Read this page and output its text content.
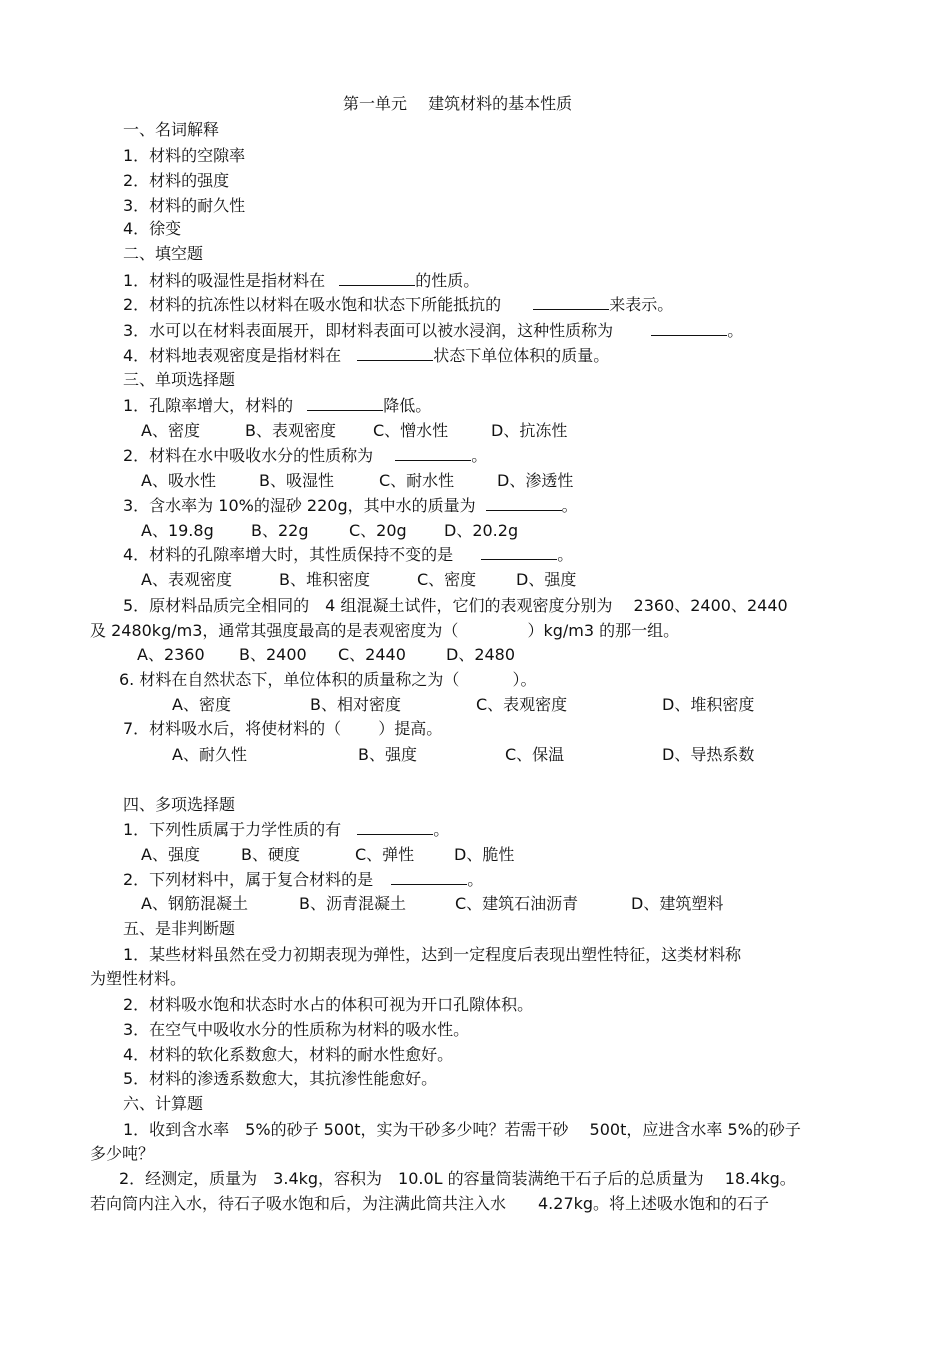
第一单元　 建筑材料的基本性质
一、名词解释
1．材料的空隙率
2．材料的强度
3．材料的耐久性
4．徐变
二、填空题
1．材料的吸湿性是指材料在	的性质。
2．材料的抗冻性以材料在吸水饱和状态下所能抵抗的	来表示。
3．水可以在材料表面展开，即材料表面可以被水浸润，这种性质称为	。
4．材料地表观密度是指材料在	状态下单位体积的质量。
三、单项选择题
1．孔隙率增大，材料的	降低。
A、密度	B、表观密度 C、憎水性	D、抗冻性
2．材料在水中吸收水分的性质称为	。
A、吸水性	B、吸湿性	C、耐水性	D、渗透性
3．含水率为 10%的湿砂 220g，其中水的质量为	。
A、19.8g B、22g	C、20g D、20.2g
4．材料的孔隙率增大时，其性质保持不变的是	。
A、表观密度	B、堆积密度	C、密度 D、强度
5．原材料品质完全相同的　4 组混凝土试件，它们的表观密度分别为　 2360、2400、2440
及 2480kg/m3，通常其强度最高的是表观密度为（　　　　 ）kg/m3 的那一组。
A、2360 B、2400 C、2440	D、2480
6. 材料在自然状态下，单位体积的质量称之为（　　　 ）。
A、密度	B、相对密度	C、表观密度	D、堆积密度
7．材料吸水后，将使材料的（　　 ）提高。
A、耐久性	B、强度	C、保温	D、导热系数
四、多项选择题
1．下列性质属于力学性质的有	。
A、强度	B、硬度	C、弹性 D、脆性
2．下列材料中，属于复合材料的是	。
A、钢筋混凝土	B、沥青混凝土	C、建筑石油沥青	D、建筑塑料
五、是非判断题
1．某些材料虽然在受力初期表现为弹性，达到一定程度后表现出塑性特征，这类材料称
为塑性材料。
2．材料吸水饱和状态时水占的体积可视为开口孔隙体积。
3．在空气中吸收水分的性质称为材料的吸水性。
4．材料的软化系数愈大，材料的耐水性愈好。
5．材料的渗透系数愈大，其抗渗性能愈好。
六、计算题
1．收到含水率　5%的砂子 500t，实为干砂多少吨？若需干砂　 500t，应进含水率 5%的砂子
多少吨？
2．经测定，质量为　3.4kg，容积为　10.0L 的容量筒装满绝干石子后的总质量为　 18.4kg。
若向筒内注入水，待石子吸水饱和后，为注满此筒共注入水　　4.27kg。将上述吸水饱和的石子
